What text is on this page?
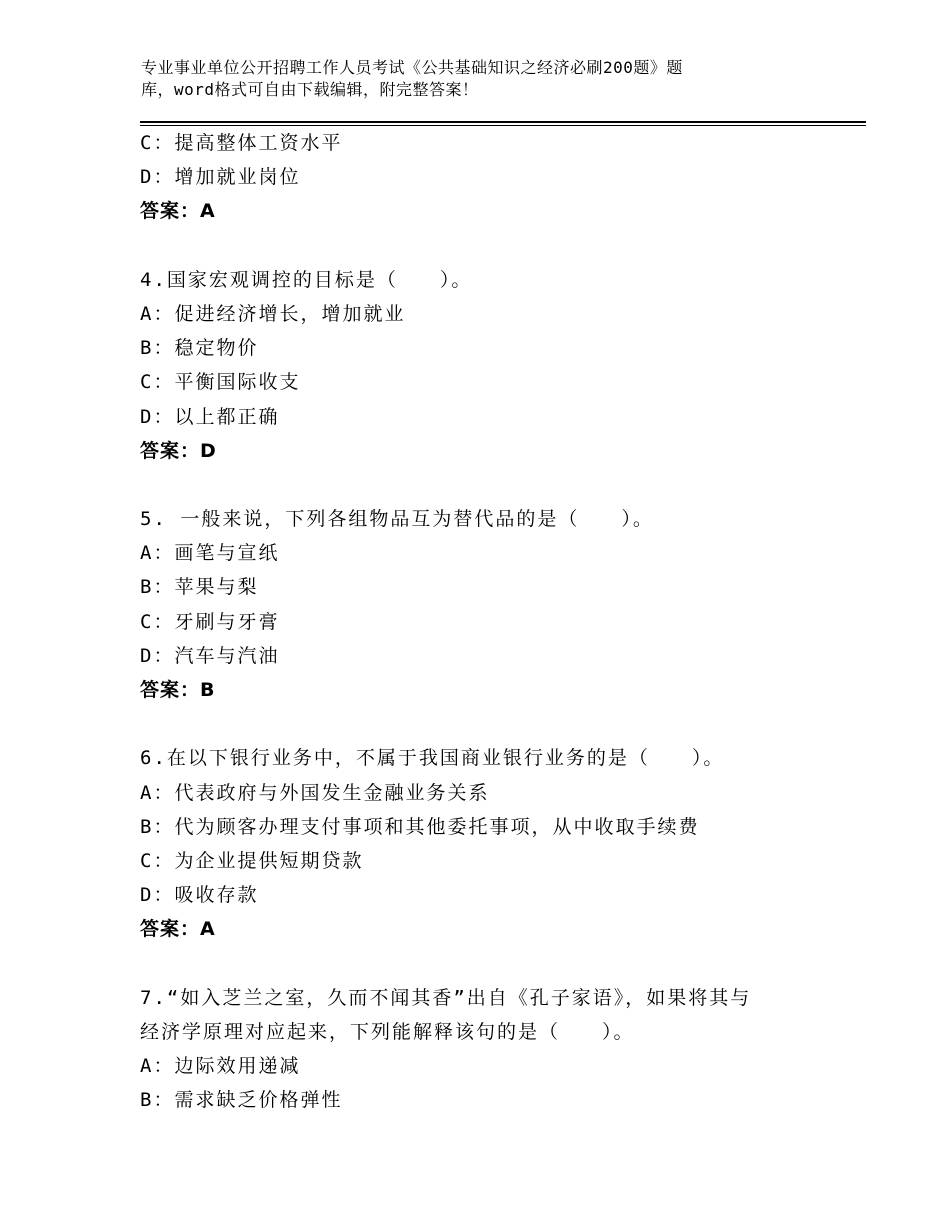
专业事业单位公开招聘工作人员考试《公共基础知识之经济必刷200题》题
库，word格式可自由下载编辑，附完整答案！
C：提高整体工资水平
D：增加就业岗位
答案：A
4.国家宏观调控的目标是（　　）。
A：促进经济增长，增加就业
B：稳定物价
C：平衡国际收支
D：以上都正确
答案：D
5. 一般来说，下列各组物品互为替代品的是（　　）。
A：画笔与宣纸
B：苹果与梨
C：牙刷与牙膏
D：汽车与汽油
答案：B
6.在以下银行业务中，不属于我国商业银行业务的是（　　）。
A：代表政府与外国发生金融业务关系
B：代为顾客办理支付事项和其他委托事项，从中收取手续费
C：为企业提供短期贷款
D：吸收存款
答案：A
7.“如入芝兰之室，久而不闻其香”出自《孔子家语》，如果将其与
经济学原理对应起来，下列能解释该句的是（　　）。
A：边际效用递减
B：需求缺乏价格弹性
